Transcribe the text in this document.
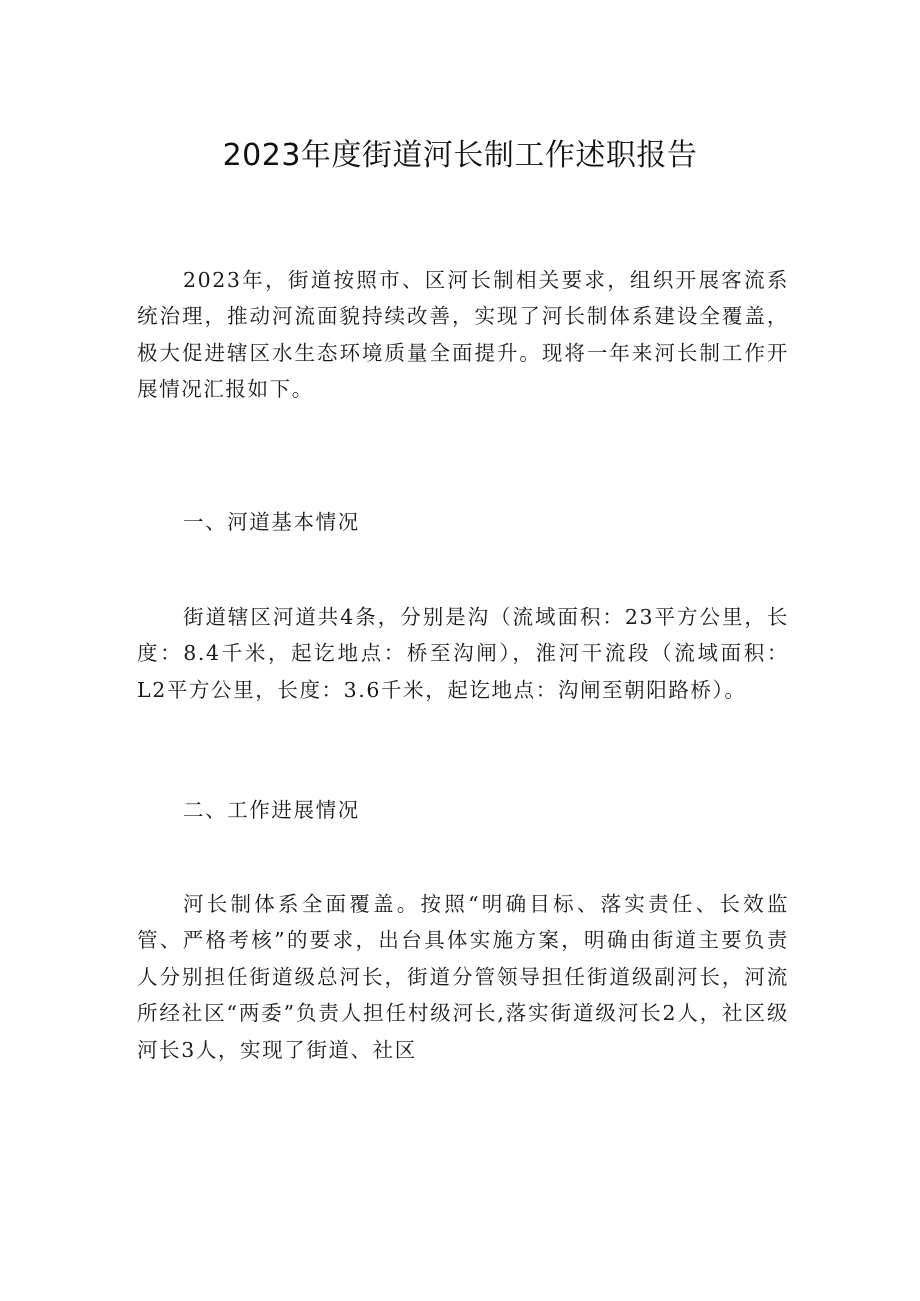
2023年度街道河长制工作述职报告

2023年，街道按照市、区河长制相关要求，组织开展客流系统治理，推动河流面貌持续改善，实现了河长制体系建设全覆盖，极大促进辖区水生态环境质量全面提升。现将一年来河长制工作开展情况汇报如下。

一、河道基本情况

街道辖区河道共4条，分别是沟（流域面积：23平方公里，长度：8.4千米，起讫地点：桥至沟闸），淮河干流段（流域面积：L2平方公里，长度：3.6千米，起讫地点：沟闸至朝阳路桥）。

二、工作进展情况

河长制体系全面覆盖。按照“明确目标、落实责任、长效监管、严格考核”的要求，出台具体实施方案，明确由街道主要负责人分别担任街道级总河长，街道分管领导担任街道级副河长，河流所经社区“两委”负责人担任村级河长,落实街道级河长2人，社区级河长3人，实现了街道、社区
